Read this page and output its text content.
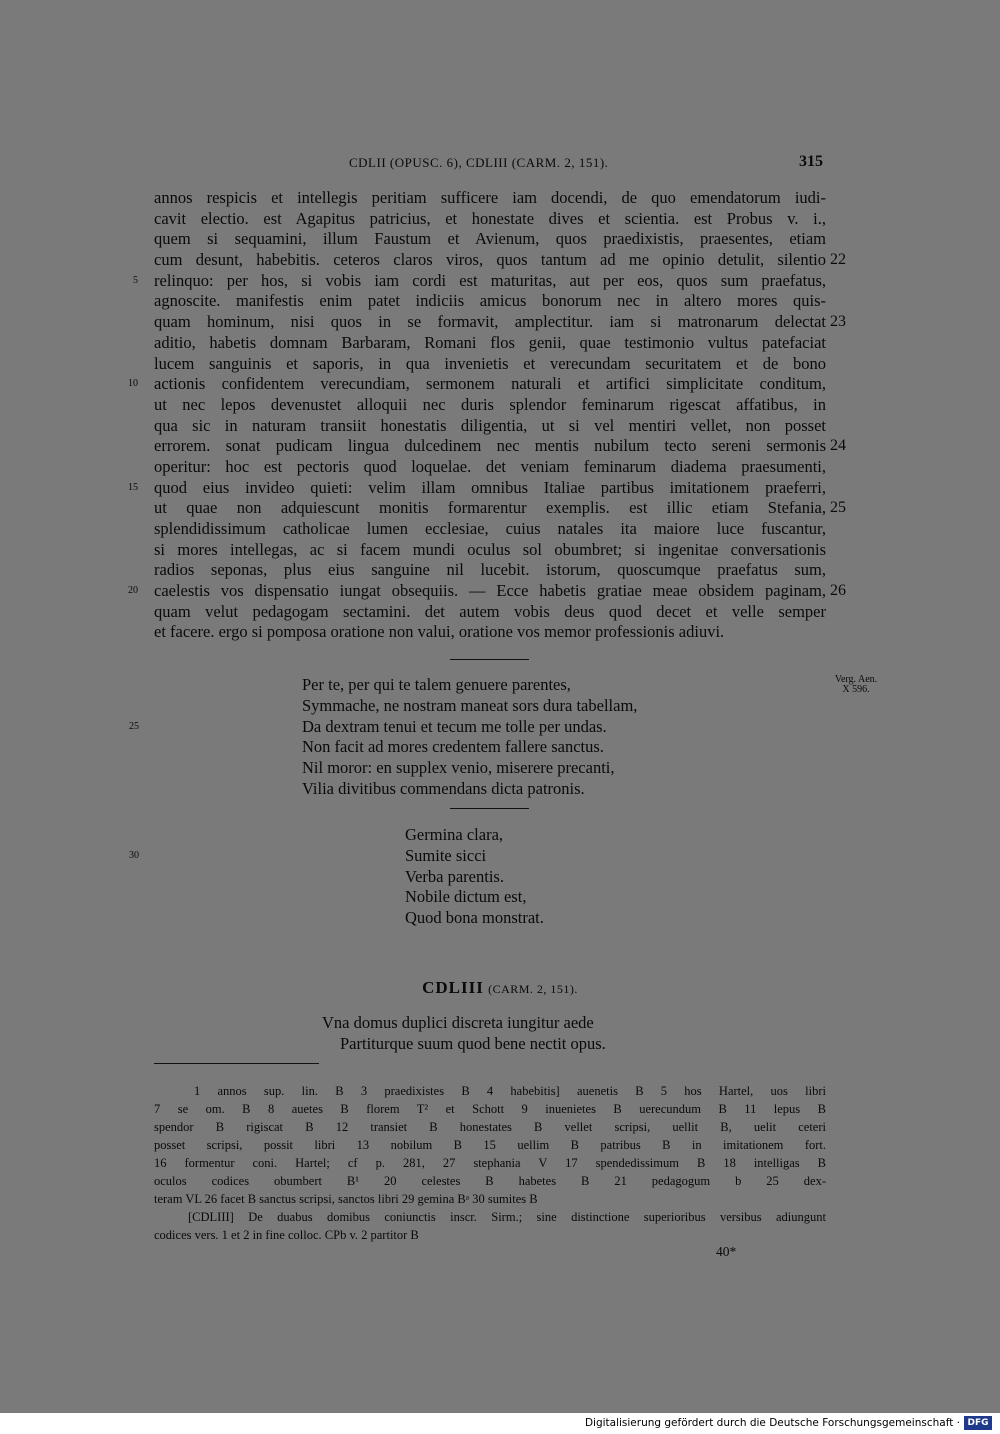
CDLII (OPUSC. 6), CDLIII (CARM. 2, 151).	315
annos respicis et intellegis peritiam sufficere iam docendi, de quo emendatorum iudi-
cavit electio. est Agapitus patricius, et honestate dives et scientia. est Probus v. i.,
quem si sequamini, illum Faustum et Avienum, quos praedixistis, praesentes, etiam
cum desunt, habebitis. ceteros claros viros, quos tantum ad me opinio detulit, silentio 22
relinquo: per hos, si vobis iam cordi est maturitas, aut per eos, quos sum praefatus,
5
agnoscite. manifestis enim patet indiciis amicus bonorum nec in altero mores quis-
quam hominum, nisi quos in se formavit, amplectitur. iam si matronarum delectat 23
aditio, habetis domnam Barbaram, Romani flos genii, quae testimonio vultus patefaciat
lucem sanguinis et saporis, in qua invenietis et verecundam securitatem et de bono
actionis confidentem verecundiam, sermonem naturali et artifici simplicitate conditum,
10
ut nec lepos devenustet alloquii nec duris splendor feminarum rigescat affatibus, in
qua sic in naturam transiit honestatis diligentia, ut si vel mentiri vellet, non posset
errorem. sonat pudicam lingua dulcedinem nec mentis nubilum tecto sereni sermonis 24
operitur: hoc est pectoris quod loquelae. det veniam feminarum diadema praesumenti,
quod eius invideo quieti: velim illam omnibus Italiae partibus imitationem praeferri,
15
ut quae non adquiescunt monitis formarentur exemplis. est illic etiam Stefania, 25
splendidissimum catholicae lumen ecclesiae, cuius natales ita maiore luce fuscantur,
si mores intellegas, ac si facem mundi oculus sol obumbret; si ingenitae conversationis
radios seponas, plus eius sanguine nil lucebit. istorum, quoscumque praefatus sum,
caelestis vos dispensatio iungat obsequiis. — Ecce habetis gratiae meae obsidem paginam, 26
20
quam velut pedagogam sectamini. det autem vobis deus quod decet et velle semper
et facere. ergo si pomposa oratione non valui, oratione vos memor professionis adiuvi.
Per te, per qui te talem genuere parentes,
Symmache, ne nostram maneat sors dura tabellam,
Da dextram tenui et tecum me tolle per undas.
25
Non facit ad mores credentem fallere sanctus.
Nil moror: en supplex venio, miserere precanti,
Vilia divitibus commendans dicta patronis.
Verg. Aen.
X 596.
Germina clara,
Sumite sicci
30
Verba parentis.
Nobile dictum est,
Quod bona monstrat.
CDLIII (CARM. 2, 151).
Vna domus duplici discreta iungitur aede
Partiturque suum quod bene nectit opus.
1 annos sup. lin. B 3 praedixistes B 4 habebitis] auenetis B 5 hos Hartel, uos libri
7 se om. B 8 auetes B florem T² et Schott 9 inuenietes B uerecundum B 11 lepus B
spendor B rigiscat B 12 transiet B honestates B vellet scripsi, uellit B, uelit ceteri
posset scripsi, possit libri 13 nobilum B 15 uellim B patribus B in imitationem fort.
16 formentur coni. Hartel; cf p. 281, 27 stephania V 17 spendedissimum B 18 intelligas B
oculos codices obumbert B¹ 20 celestes B habetes B 21 pedagogum b 25 dex-
teram VL 26 facet B sanctus scripsi, sanctos libri 29 gemina Bᵃ 30 sumites B
[CDLIII] De duabus domibus coniunctis inscr. Sirm.; sine distinctione superioribus versibus adiungunt
codices vers. 1 et 2 in fine colloc. CPb v. 2 partitor B
40*
Digitalisierung gefördert durch die Deutsche Forschungsgemeinschaft · DFG
